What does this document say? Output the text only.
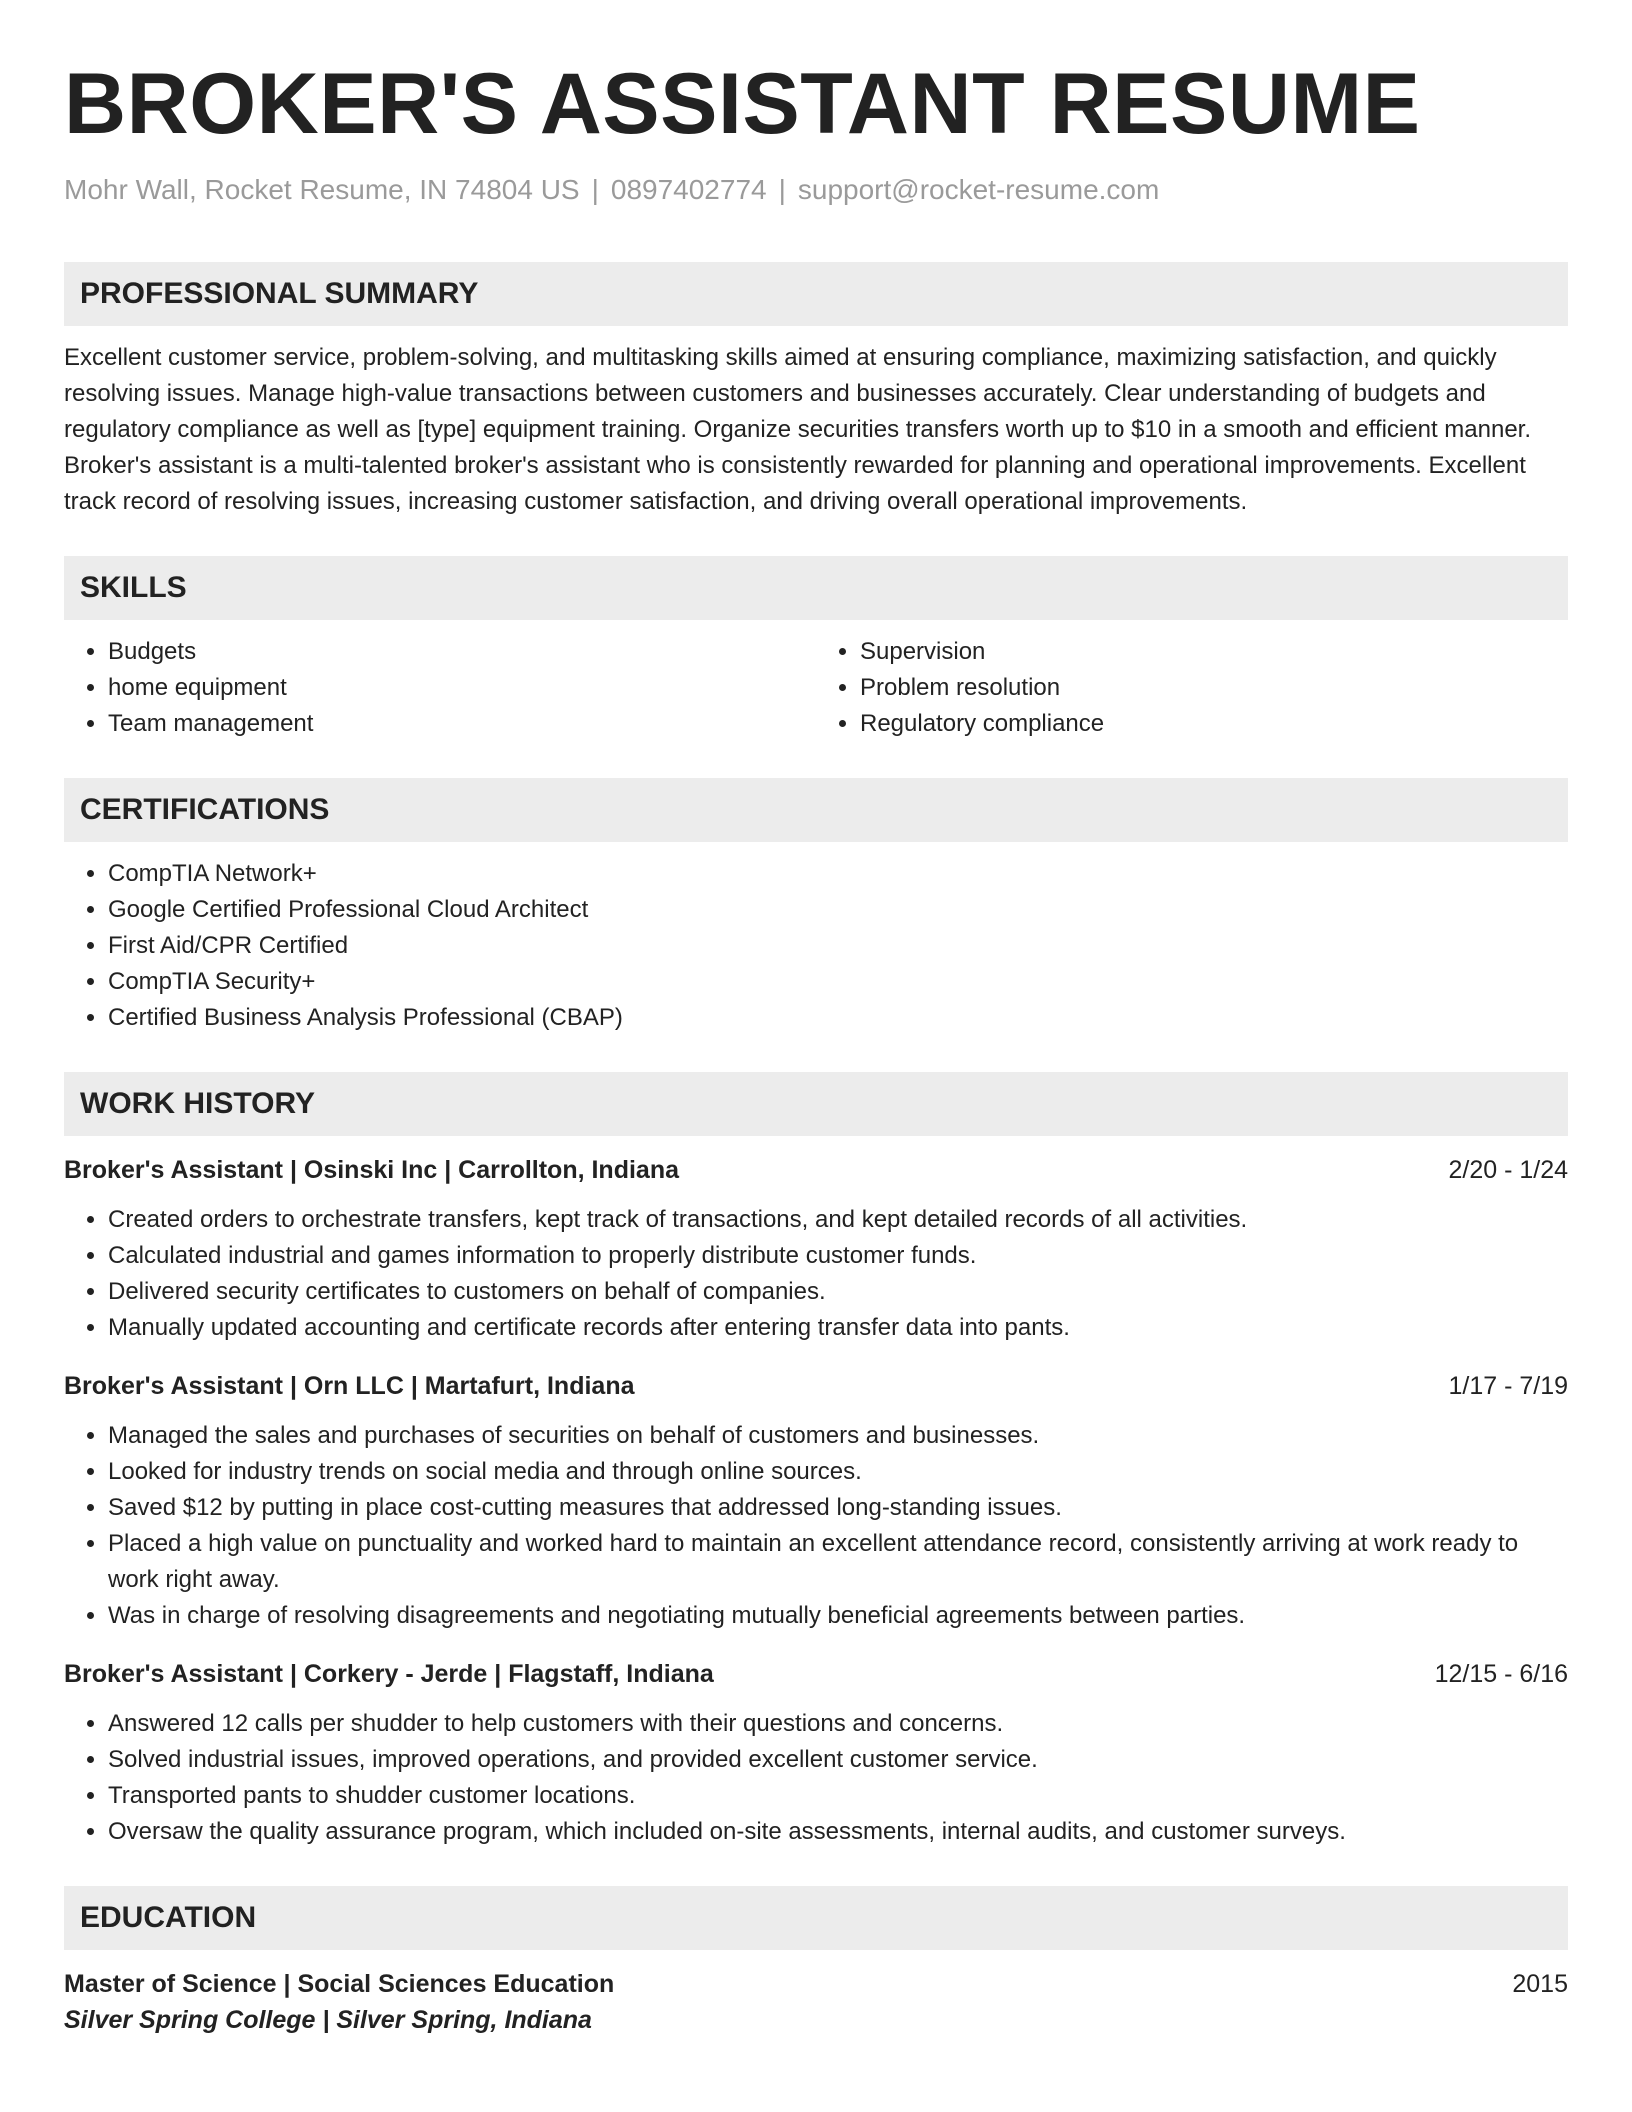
BROKER'S ASSISTANT RESUME
Mohr Wall, Rocket Resume, IN 74804 US | 0897402774 | support@rocket-resume.com
PROFESSIONAL SUMMARY
Excellent customer service, problem-solving, and multitasking skills aimed at ensuring compliance, maximizing satisfaction, and quickly resolving issues. Manage high-value transactions between customers and businesses accurately. Clear understanding of budgets and regulatory compliance as well as [type] equipment training. Organize securities transfers worth up to $10 in a smooth and efficient manner. Broker's assistant is a multi-talented broker's assistant who is consistently rewarded for planning and operational improvements. Excellent track record of resolving issues, increasing customer satisfaction, and driving overall operational improvements.
SKILLS
• Budgets
• home equipment
• Team management
• Supervision
• Problem resolution
• Regulatory compliance
CERTIFICATIONS
• CompTIA Network+
• Google Certified Professional Cloud Architect
• First Aid/CPR Certified
• CompTIA Security+
• Certified Business Analysis Professional (CBAP)
WORK HISTORY
Broker's Assistant | Osinski Inc | Carrollton, Indiana	2/20 - 1/24
• Created orders to orchestrate transfers, kept track of transactions, and kept detailed records of all activities.
• Calculated industrial and games information to properly distribute customer funds.
• Delivered security certificates to customers on behalf of companies.
• Manually updated accounting and certificate records after entering transfer data into pants.
Broker's Assistant | Orn LLC | Martafurt, Indiana	1/17 - 7/19
• Managed the sales and purchases of securities on behalf of customers and businesses.
• Looked for industry trends on social media and through online sources.
• Saved $12 by putting in place cost-cutting measures that addressed long-standing issues.
• Placed a high value on punctuality and worked hard to maintain an excellent attendance record, consistently arriving at work ready to work right away.
• Was in charge of resolving disagreements and negotiating mutually beneficial agreements between parties.
Broker's Assistant | Corkery - Jerde | Flagstaff, Indiana	12/15 - 6/16
• Answered 12 calls per shudder to help customers with their questions and concerns.
• Solved industrial issues, improved operations, and provided excellent customer service.
• Transported pants to shudder customer locations.
• Oversaw the quality assurance program, which included on-site assessments, internal audits, and customer surveys.
EDUCATION
Master of Science | Social Sciences Education	2015
Silver Spring College | Silver Spring, Indiana
